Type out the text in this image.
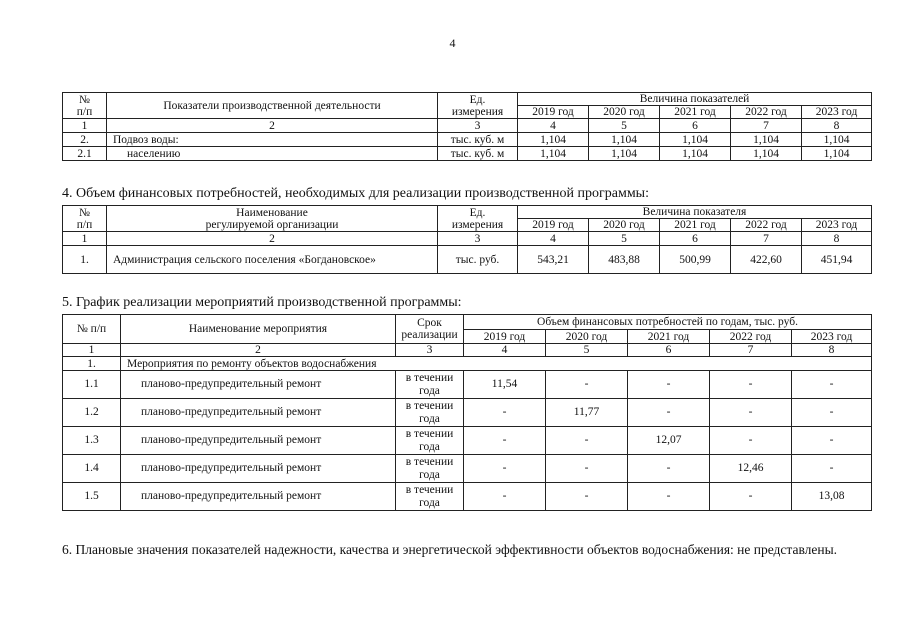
4
№
п/п	Показатели производственной деятельности	Ед.
измерения	Величина показателей				
			2019 год	2020 год	2021 год	2022 год	2023 год
1	2	3	4	5	6	7	8
2.	Подвоз воды:	тыс. куб. м	1,104	1,104	1,104	1,104	1,104
2.1	населению	тыс. куб. м	1,104	1,104	1,104	1,104	1,104
4. Объем финансовых потребностей, необходимых для реализации производственной программы:
№
п/п	Наименование
регулируемой организации	Ед.
измерения	Величина показателя				
			2019 год	2020 год	2021 год	2022 год	2023 год
1	2	3	4	5	6	7	8
1.	Администрация сельского поселения «Богдановское»	тыс. руб.	543,21	483,88	500,99	422,60	451,94
5. График реализации мероприятий производственной программы:
№ п/п	Наименование мероприятия	Срок
реализации	Объем финансовых потребностей по годам, тыс. руб.				
			2019 год	2020 год	2021 год	2022 год	2023 год
1	2	3	4	5	6	7	8
1.	Мероприятия по ремонту объектов водоснабжения						
1.1	планово-предупредительный ремонт	в течении года	11,54	-	-	-	-
1.2	планово-предупредительный ремонт	в течении года	-	11,77	-	-	-
1.3	планово-предупредительный ремонт	в течении года	-	-	12,07	-	-
1.4	планово-предупредительный ремонт	в течении года	-	-	-	12,46	-
1.5	планово-предупредительный ремонт	в течении года	-	-	-	-	13,08
6. Плановые значения показателей надежности, качества и энергетической эффективности объектов водоснабжения: не представлены.
